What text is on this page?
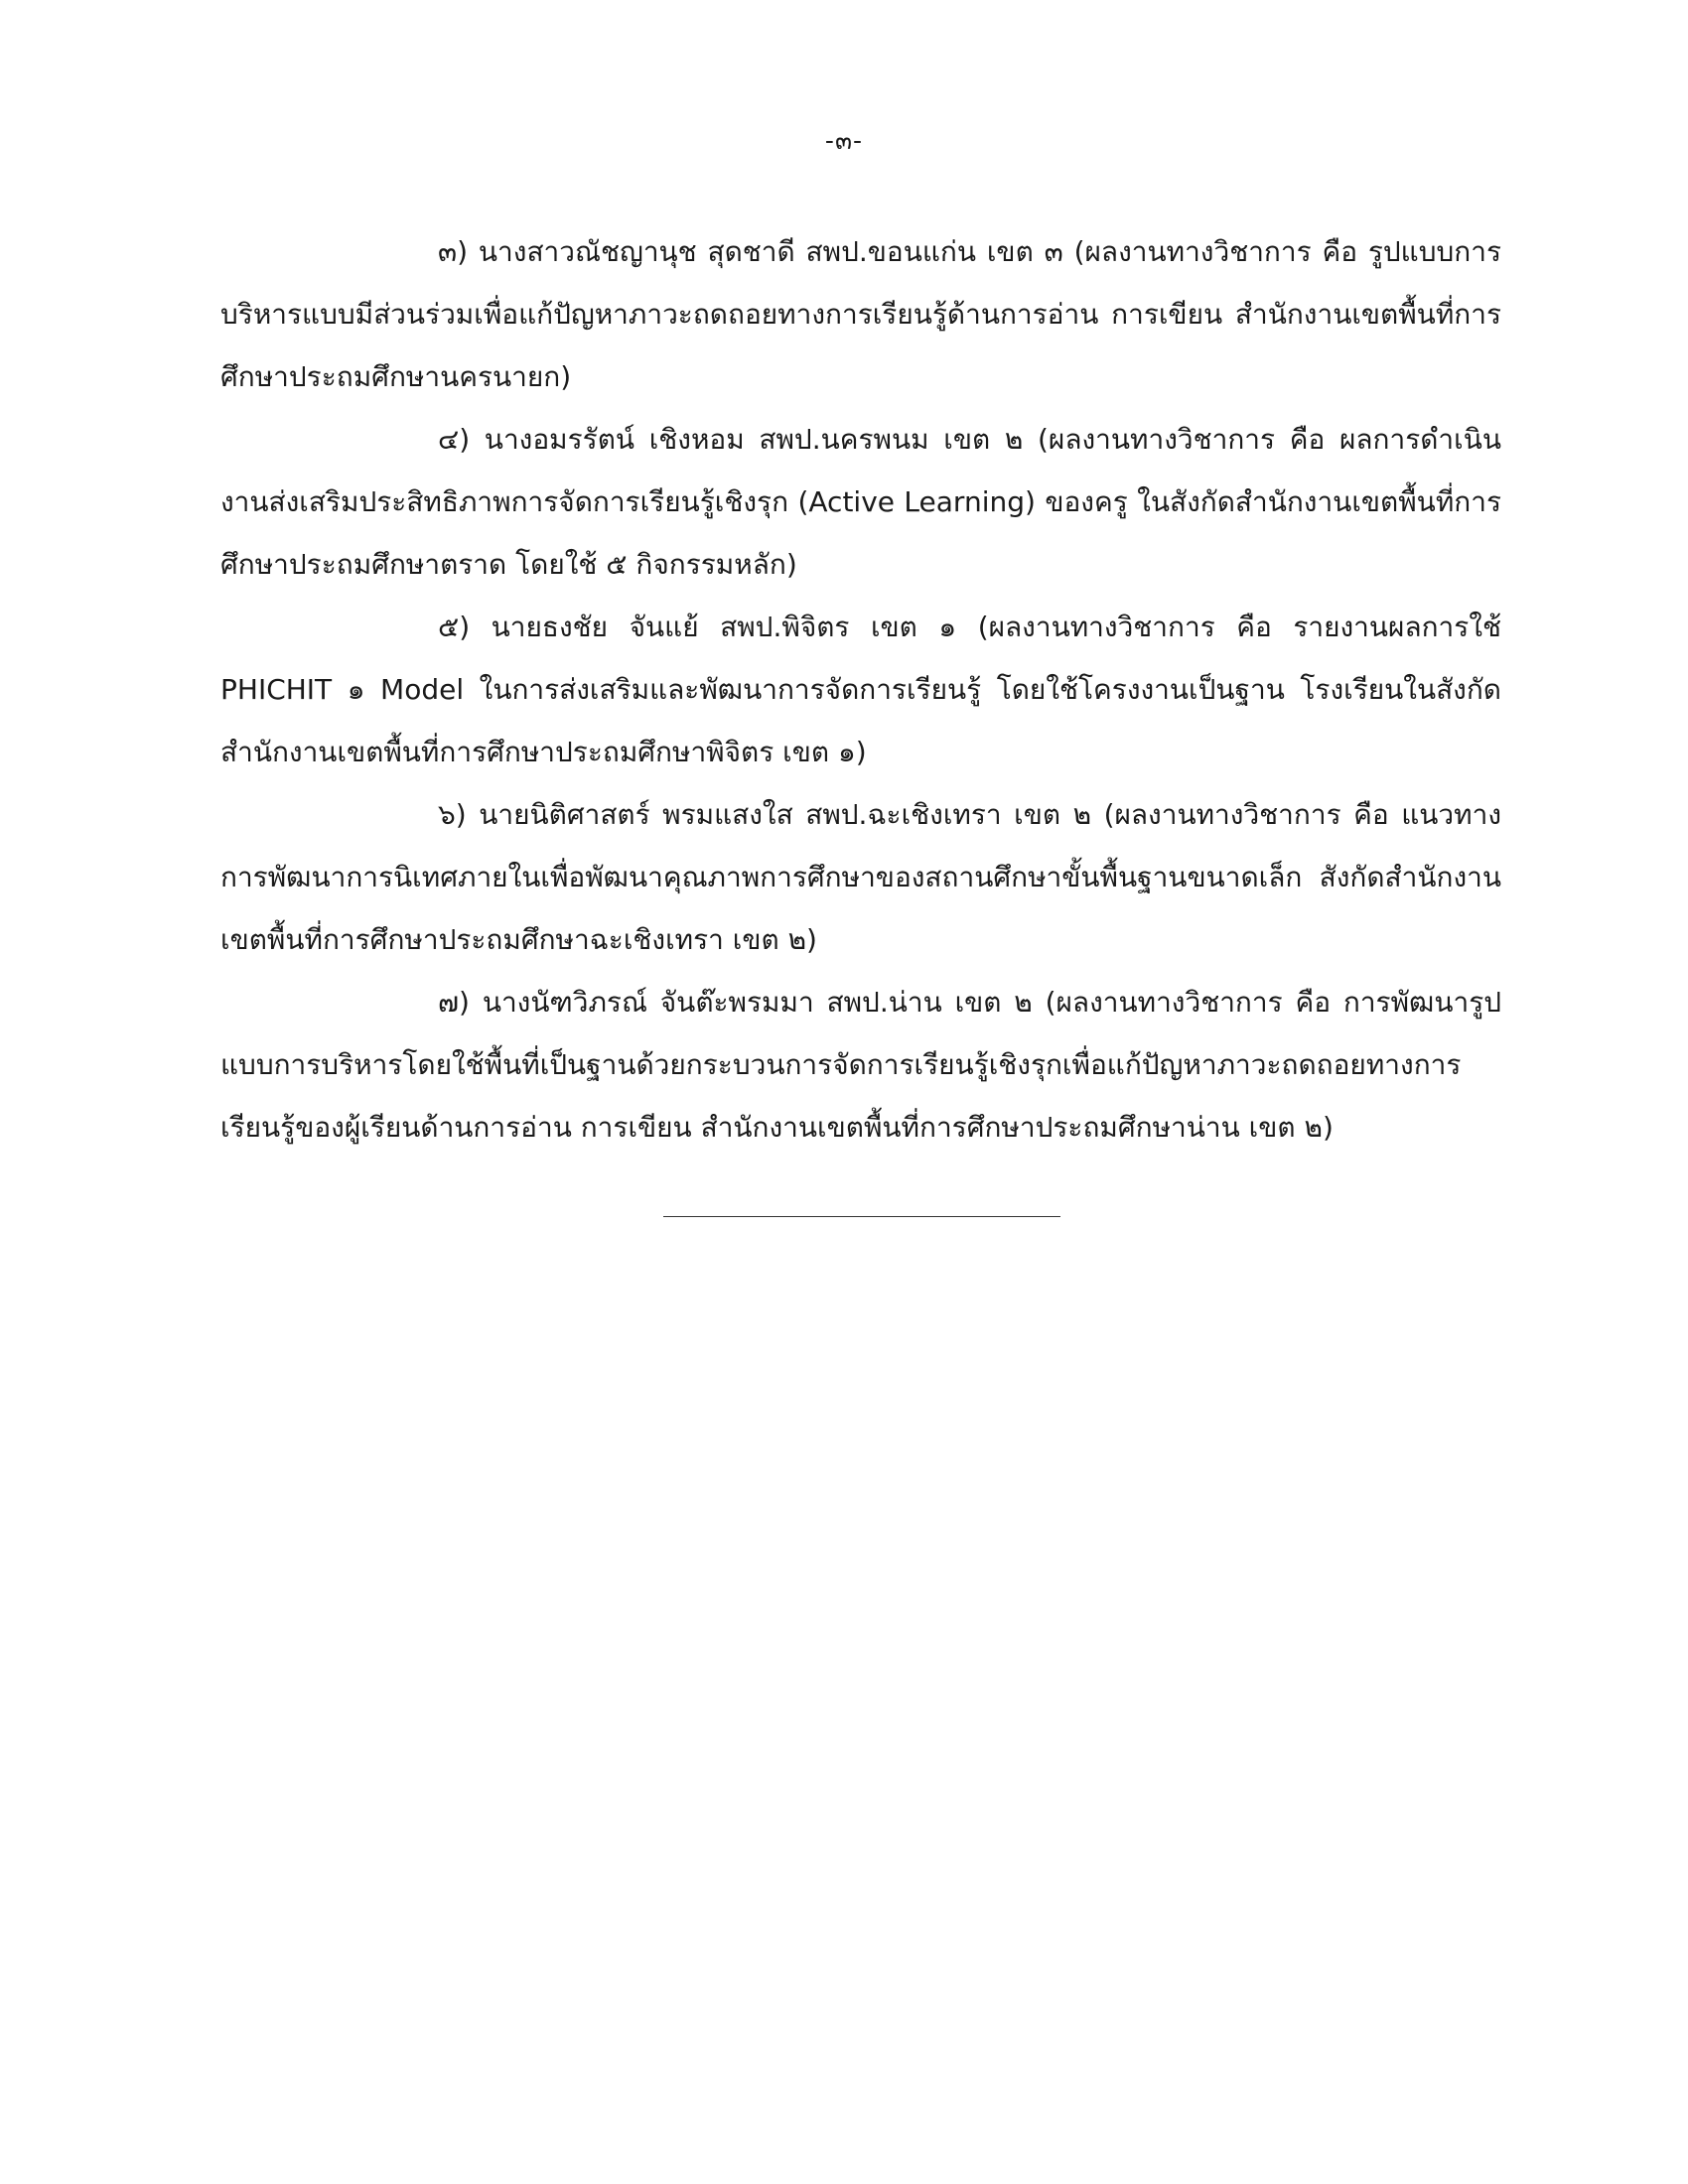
-๓-

๓) นางสาวณัชญานุช สุดชาดี สพป.ขอนแก่น เขต ๓ (ผลงานทางวิชาการ คือ รูปแบบการบริหารแบบมีส่วนร่วมเพื่อแก้ปัญหาภาวะถดถอยทางการเรียนรู้ด้านการอ่าน การเขียน สำนักงานเขตพื้นที่การศึกษาประถมศึกษานครนายก)

๔) นางอมรรัตน์ เชิงหอม สพป.นครพนม เขต ๒ (ผลงานทางวิชาการ คือ ผลการดำเนินงานส่งเสริมประสิทธิภาพการจัดการเรียนรู้เชิงรุก (Active Learning) ของครู ในสังกัดสำนักงานเขตพื้นที่การศึกษาประถมศึกษาตราด โดยใช้ ๕ กิจกรรมหลัก)

๕) นายธงชัย จันแย้ สพป.พิจิตร เขต ๑ (ผลงานทางวิชาการ คือ รายงานผลการใช้ PHICHIT ๑ Model ในการส่งเสริมและพัฒนาการจัดการเรียนรู้ โดยใช้โครงงานเป็นฐาน โรงเรียนในสังกัดสำนักงานเขตพื้นที่การศึกษาประถมศึกษาพิจิตร เขต ๑)

๖) นายนิติศาสตร์ พรมแสงใส สพป.ฉะเชิงเทรา เขต ๒ (ผลงานทางวิชาการ คือ แนวทางการพัฒนาการนิเทศภายในเพื่อพัฒนาคุณภาพการศึกษาของสถานศึกษาขั้นพื้นฐานขนาดเล็ก สังกัดสำนักงานเขตพื้นที่การศึกษาประถมศึกษาฉะเชิงเทรา เขต ๒)

๗) นางนัฑวิภรณ์ จันต๊ะพรมมา สพป.น่าน เขต ๒ (ผลงานทางวิชาการ คือ การพัฒนารูปแบบการบริหารโดยใช้พื้นที่เป็นฐานด้วยกระบวนการจัดการเรียนรู้เชิงรุกเพื่อแก้ปัญหาภาวะถดถอยทางการเรียนรู้ของผู้เรียนด้านการอ่าน การเขียน สำนักงานเขตพื้นที่การศึกษาประถมศึกษาน่าน เขต ๒)
